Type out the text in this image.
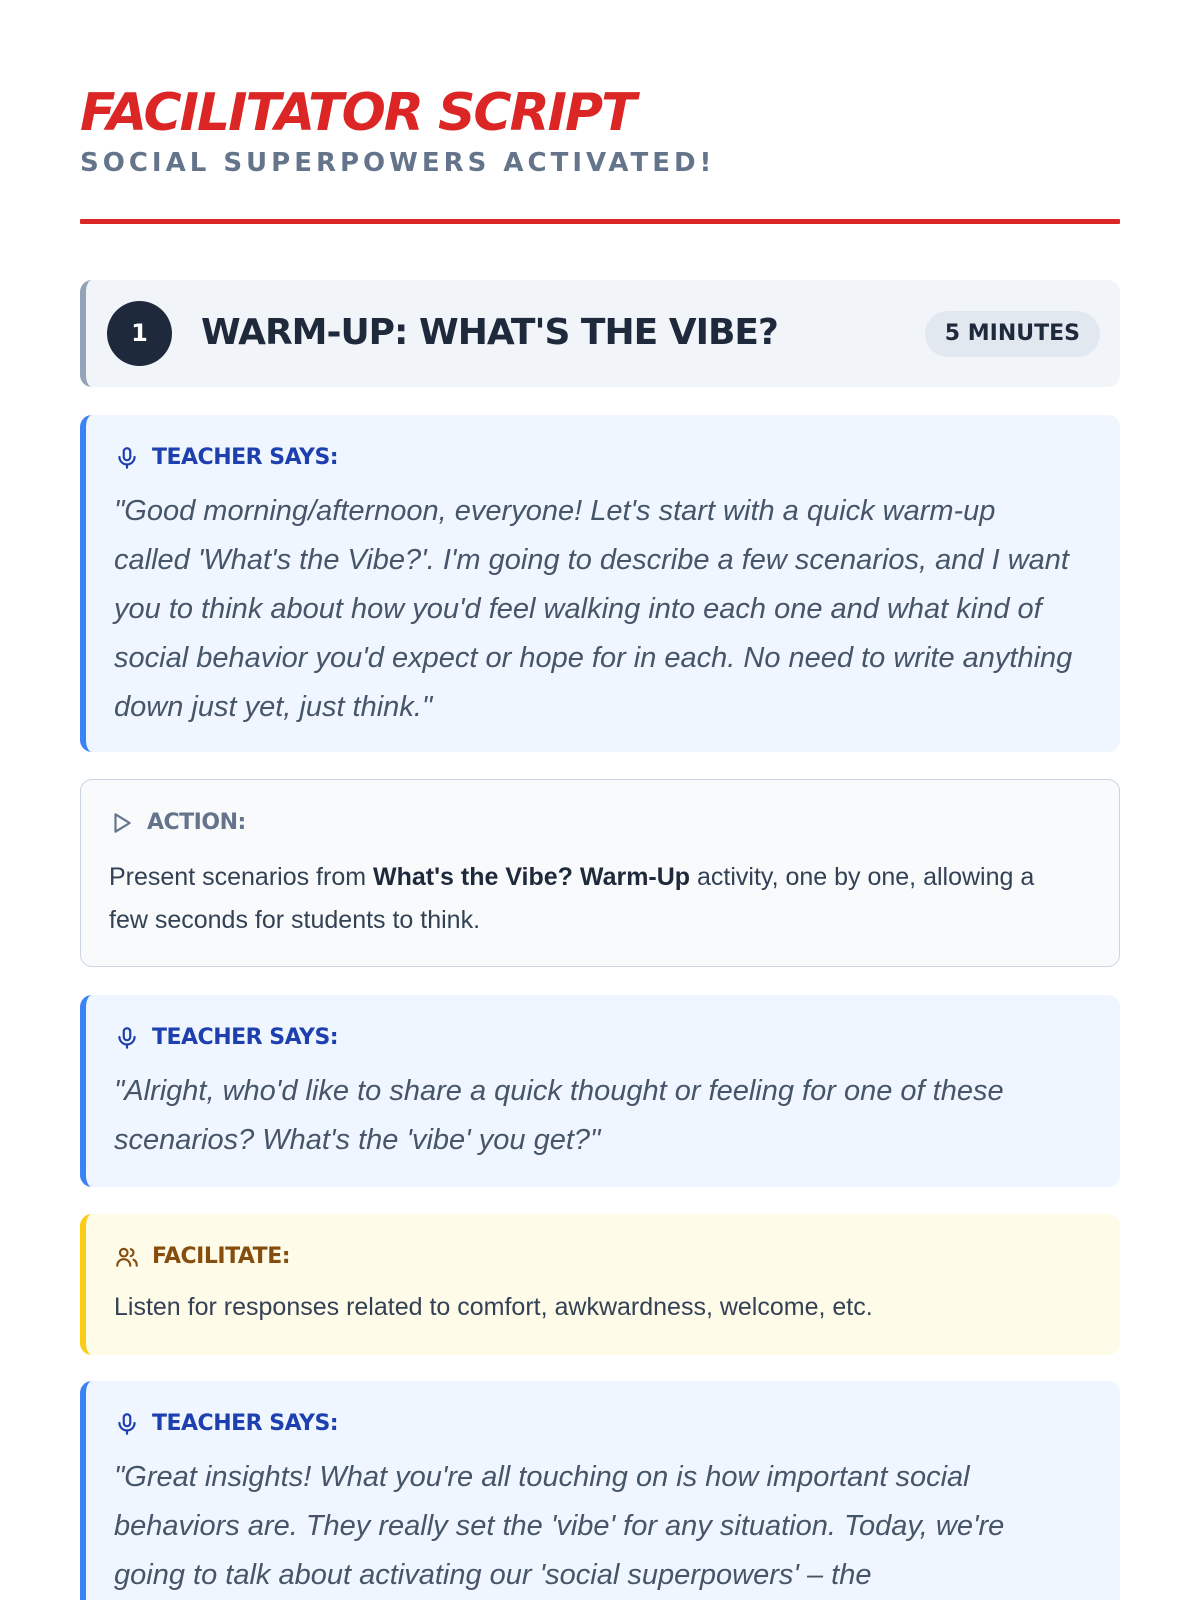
FACILITATOR SCRIPT
SOCIAL SUPERPOWERS ACTIVATED!
1	WARM-UP: WHAT'S THE VIBE?	5 MINUTES
TEACHER SAYS:
"Good morning/afternoon, everyone! Let's start with a quick warm-up called 'What's the Vibe?'. I'm going to describe a few scenarios, and I want you to think about how you'd feel walking into each one and what kind of social behavior you'd expect or hope for in each. No need to write anything down just yet, just think."
ACTION:
Present scenarios from What's the Vibe? Warm-Up activity, one by one, allowing a few seconds for students to think.
TEACHER SAYS:
"Alright, who'd like to share a quick thought or feeling for one of these scenarios? What's the 'vibe' you get?"
FACILITATE:
Listen for responses related to comfort, awkwardness, welcome, etc.
TEACHER SAYS:
"Great insights! What you're all touching on is how important social behaviors are. They really set the 'vibe' for any situation. Today, we're going to talk about activating our 'social superpowers' – the
